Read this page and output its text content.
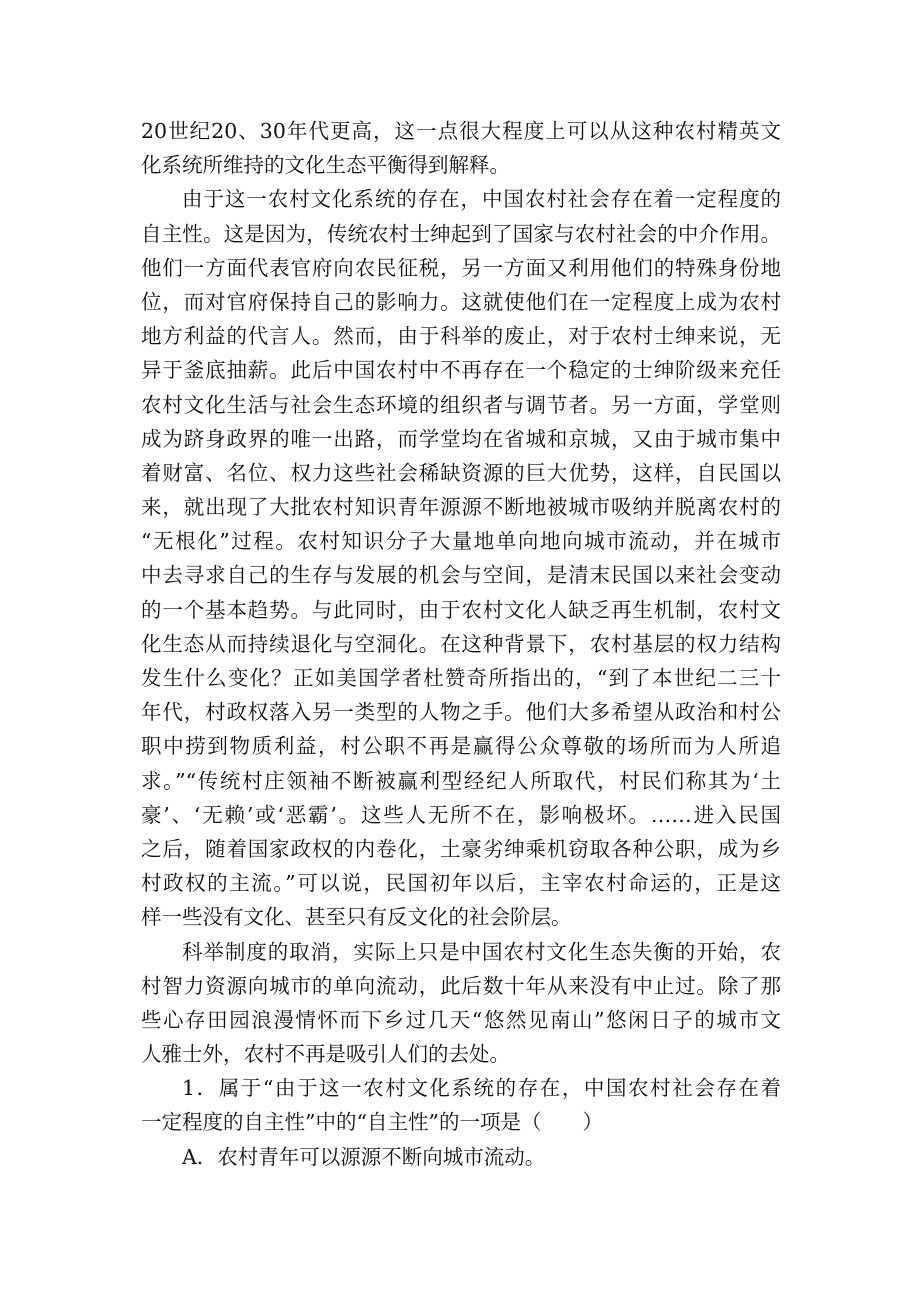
20世纪20、30年代更高，这一点很大程度上可以从这种农村精英文
化系统所维持的文化生态平衡得到解释。
由于这一农村文化系统的存在，中国农村社会存在着一定程度的
自主性。这是因为，传统农村士绅起到了国家与农村社会的中介作用。
他们一方面代表官府向农民征税，另一方面又利用他们的特殊身份地
位，而对官府保持自己的影响力。这就使他们在一定程度上成为农村
地方利益的代言人。然而，由于科举的废止，对于农村士绅来说，无
异于釜底抽薪。此后中国农村中不再存在一个稳定的士绅阶级来充任
农村文化生活与社会生态环境的组织者与调节者。另一方面，学堂则
成为跻身政界的唯一出路，而学堂均在省城和京城，又由于城市集中
着财富、名位、权力这些社会稀缺资源的巨大优势，这样，自民国以
来，就出现了大批农村知识青年源源不断地被城市吸纳并脱离农村的
“无根化”过程。农村知识分子大量地单向地向城市流动，并在城市
中去寻求自己的生存与发展的机会与空间，是清末民国以来社会变动
的一个基本趋势。与此同时，由于农村文化人缺乏再生机制，农村文
化生态从而持续退化与空洞化。在这种背景下，农村基层的权力结构
发生什么变化？正如美国学者杜赞奇所指出的，“到了本世纪二三十
年代，村政权落入另一类型的人物之手。他们大多希望从政治和村公
职中捞到物质利益，村公职不再是赢得公众尊敬的场所而为人所追
求。”“传统村庄领袖不断被赢利型经纪人所取代，村民们称其为‘土
豪’、‘无赖’或‘恶霸’。这些人无所不在，影响极坏。……进入民国
之后，随着国家政权的内卷化，土豪劣绅乘机窃取各种公职，成为乡
村政权的主流。”可以说，民国初年以后，主宰农村命运的，正是这
样一些没有文化、甚至只有反文化的社会阶层。
科举制度的取消，实际上只是中国农村文化生态失衡的开始，农
村智力资源向城市的单向流动，此后数十年从来没有中止过。除了那
些心存田园浪漫情怀而下乡过几天“悠然见南山”悠闲日子的城市文
人雅士外，农村不再是吸引人们的去处。
1．属于“由于这一农村文化系统的存在，中国农村社会存在着
一定程度的自主性”中的“自主性”的一项是（　　）
A．农村青年可以源源不断向城市流动。
